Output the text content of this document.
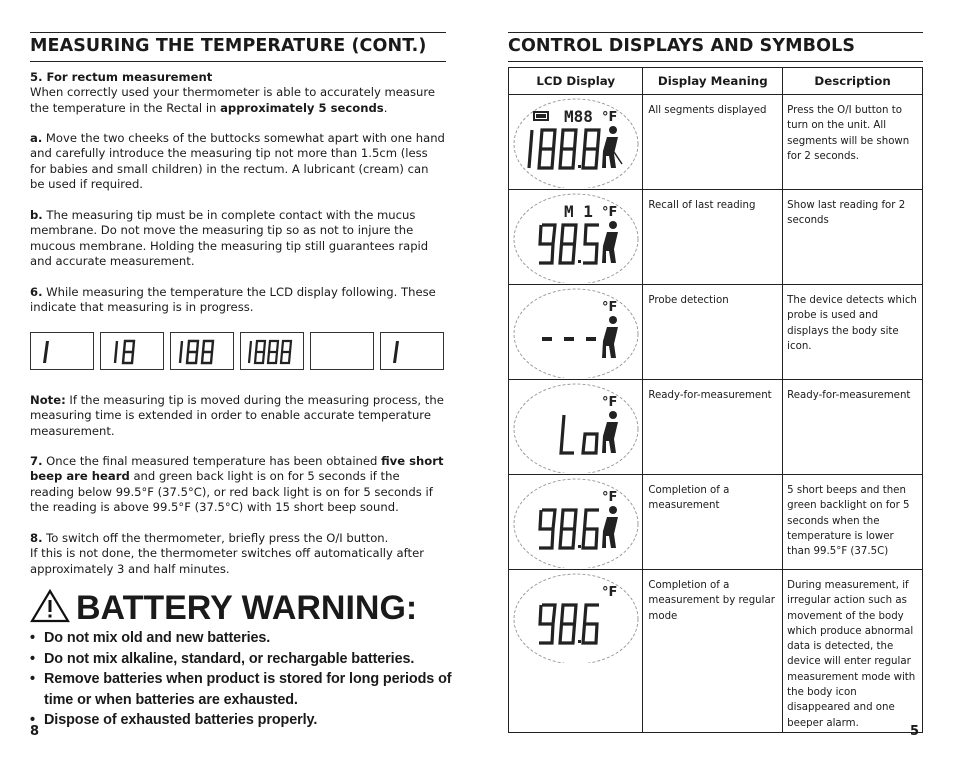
MEASURING THE TEMPERATURE (CONT.)
5. For rectum measurement
When correctly used your thermometer is able to accurately measure the temperature in the Rectal in approximately 5 seconds.
a. Move the two cheeks of the buttocks somewhat apart with one hand and carefully introduce the measuring tip not more than 1.5cm (less for babies and small children) in the rectum. A lubricant (cream) can be used if required.
b. The measuring tip must be in complete contact with the mucus membrane. Do not move the measuring tip so as not to injure the mucous membrane. Holding the measuring tip still guarantees rapid and accurate measurement.
6. While measuring the temperature the LCD display following. These indicate that measuring is in progress.
Note: If the measuring tip is moved during the measuring process, the measuring time is extended in order to enable accurate temperature measurement.
7. Once the final measured temperature has been obtained five short beep are heard and green back light is on for 5 seconds if the reading below 99.5°F (37.5°C), or red back light is on for 5 seconds if the reading is above 99.5°F (37.5°C) with 15 short beep sound.
8. To switch off the thermometer, briefly press the O/I button.
If this is not done, the thermometer switches off automatically after approximately 3 and half minutes.
BATTERY WARNING:
• Do not mix old and new batteries.
• Do not mix alkaline, standard, or rechargable batteries.
• Remove batteries when product is stored for long periods of time or when batteries are exhausted.
• Dispose of exhausted batteries properly.
8
CONTROL DISPLAYS AND SYMBOLS
LCD Display	Display Meaning	Description

M88 °F	All segments displayed	Press the O/I button to turn on the unit. All segments will be shown for 2 seconds.

M 1 °F	Recall of last reading	Show last reading for 2 seconds

°F	Probe detection	The device detects which probe is used and displays the body site icon.

°F	Ready-for-measurement	Ready-for-measurement

°F	Completion of a measurement	5 short beeps and then green backlight on for 5 seconds when the temperature is lower than 99.5°F (37.5C)

°F	Completion of a measurement by regular mode	During measurement, if irregular action such as movement of the body which produce abnormal data is detected, the device will enter regular measurement mode with the body icon disappeared and one beeper alarm.
5
